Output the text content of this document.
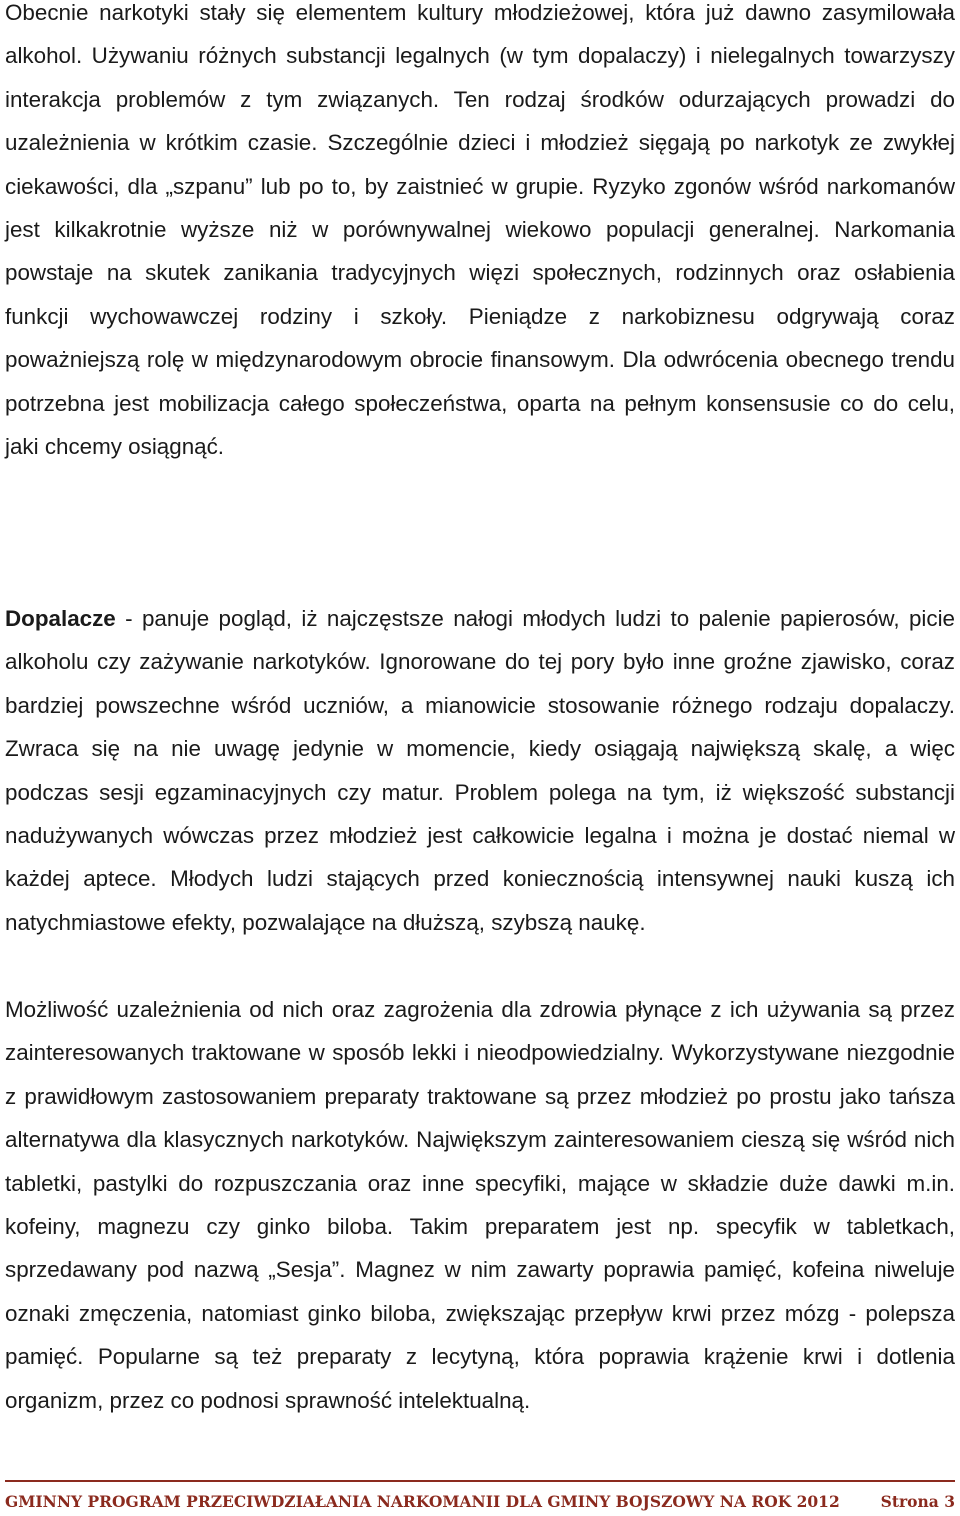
Obecnie narkotyki stały się elementem kultury młodzieżowej, która już dawno zasymilowała alkohol. Używaniu różnych substancji legalnych (w tym dopalaczy) i nielegalnych towarzyszy interakcja problemów z tym związanych. Ten rodzaj środków odurzających prowadzi do uzależnienia w krótkim czasie. Szczególnie dzieci i młodzież sięgają po narkotyk ze zwykłej ciekawości, dla „szpanu” lub po to, by zaistnieć w grupie. Ryzyko zgonów wśród narkomanów jest kilkakrotnie wyższe niż w porównywalnej wiekowo populacji generalnej. Narkomania powstaje na skutek zanikania tradycyjnych więzi społecznych, rodzinnych oraz osłabienia funkcji wychowawczej rodziny i szkoły. Pieniądze z narkobiznesu odgrywają coraz poważniejszą rolę w międzynarodowym obrocie finansowym. Dla odwrócenia obecnego trendu potrzebna jest mobilizacja całego społeczeństwa, oparta na pełnym konsensusie co do celu, jaki chcemy osiągnąć.

Dopalacze - panuje pogląd, iż najczęstsze nałogi młodych ludzi to palenie papierosów, picie alkoholu czy zażywanie narkotyków. Ignorowane do tej pory było inne groźne zjawisko, coraz bardziej powszechne wśród uczniów, a mianowicie stosowanie różnego rodzaju dopalaczy. Zwraca się na nie uwagę jedynie w momencie, kiedy osiągają największą skalę, a więc podczas sesji egzaminacyjnych czy matur. Problem polega na tym, iż większość substancji nadużywanych wówczas przez młodzież jest całkowicie legalna i można je dostać niemal w każdej aptece. Młodych ludzi stających przed koniecznością intensywnej nauki kuszą ich natychmiastowe efekty, pozwalające na dłuższą, szybszą naukę.

Możliwość uzależnienia od nich oraz zagrożenia dla zdrowia płynące z ich używania są przez zainteresowanych traktowane w sposób lekki i nieodpowiedzialny. Wykorzystywane niezgodnie z prawidłowym zastosowaniem preparaty traktowane są przez młodzież po prostu jako tańsza alternatywa dla klasycznych narkotyków. Największym zainteresowaniem cieszą się wśród nich tabletki, pastylki do rozpuszczania oraz inne specyfiki, mające w składzie duże dawki m.in. kofeiny, magnezu czy ginko biloba. Takim preparatem jest np. specyfik w tabletkach, sprzedawany pod nazwą „Sesja”. Magnez w nim zawarty poprawia pamięć, kofeina niweluje oznaki zmęczenia, natomiast ginko biloba, zwiększając przepływ krwi przez mózg - polepsza pamięć. Popularne są też preparaty z lecytyną, która poprawia krążenie krwi i dotlenia organizm, przez co podnosi sprawność intelektualną.

GMINNY PROGRAM PRZECIWDZIAŁANIA NARKOMANII DLA GMINY BOJSZOWY NA ROK 2012	Strona 3
